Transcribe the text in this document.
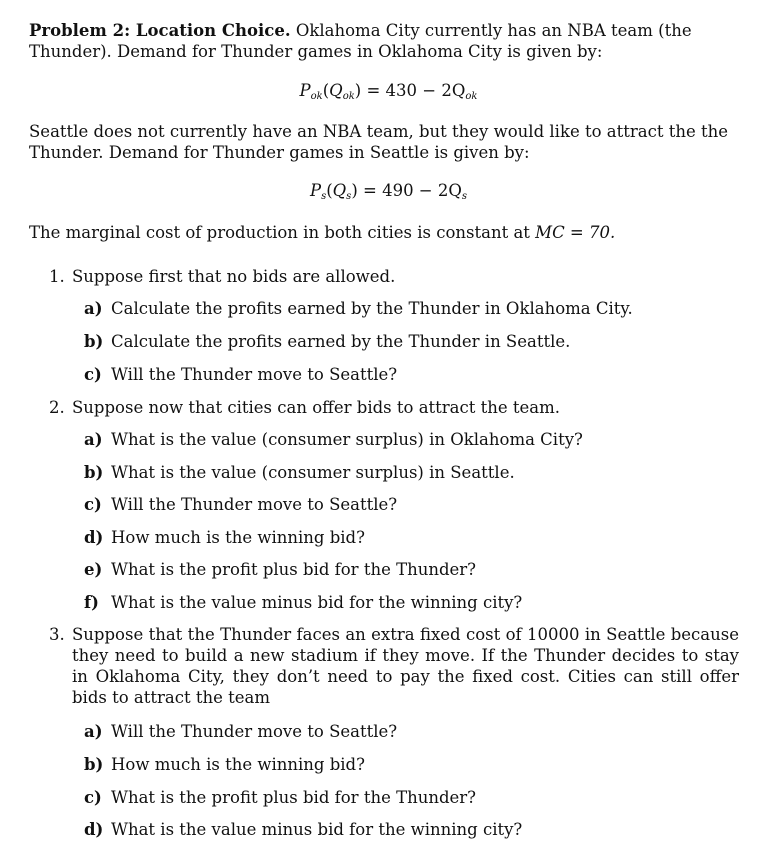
Problem 2: Location Choice. Oklahoma City currently has an NBA team (the Thunder). Demand for Thunder games in Oklahoma City is given by:
$P_{ok}(Q_{ok}) = 430 - 2Q_{ok}$
Seattle does not currently have an NBA team, but they would like to attract the the Thunder. Demand for Thunder games in Seattle is given by:
$P_s(Q_s) = 490 - 2Q_s$
The marginal cost of production in both cities is constant at MC = 70.
1. Suppose first that no bids are allowed.
a) Calculate the profits earned by the Thunder in Oklahoma City.
b) Calculate the profits earned by the Thunder in Seattle.
c) Will the Thunder move to Seattle?
2. Suppose now that cities can offer bids to attract the team.
a) What is the value (consumer surplus) in Oklahoma City?
b) What is the value (consumer surplus) in Seattle.
c) Will the Thunder move to Seattle?
d) How much is the winning bid?
e) What is the profit plus bid for the Thunder?
f) What is the value minus bid for the winning city?
3. Suppose that the Thunder faces an extra fixed cost of 10000 in Seattle because they need to build a new stadium if they move. If the Thunder decides to stay in Oklahoma City, they don’t need to pay the fixed cost. Cities can still offer bids to attract the team
a) Will the Thunder move to Seattle?
b) How much is the winning bid?
c) What is the profit plus bid for the Thunder?
d) What is the value minus bid for the winning city?
